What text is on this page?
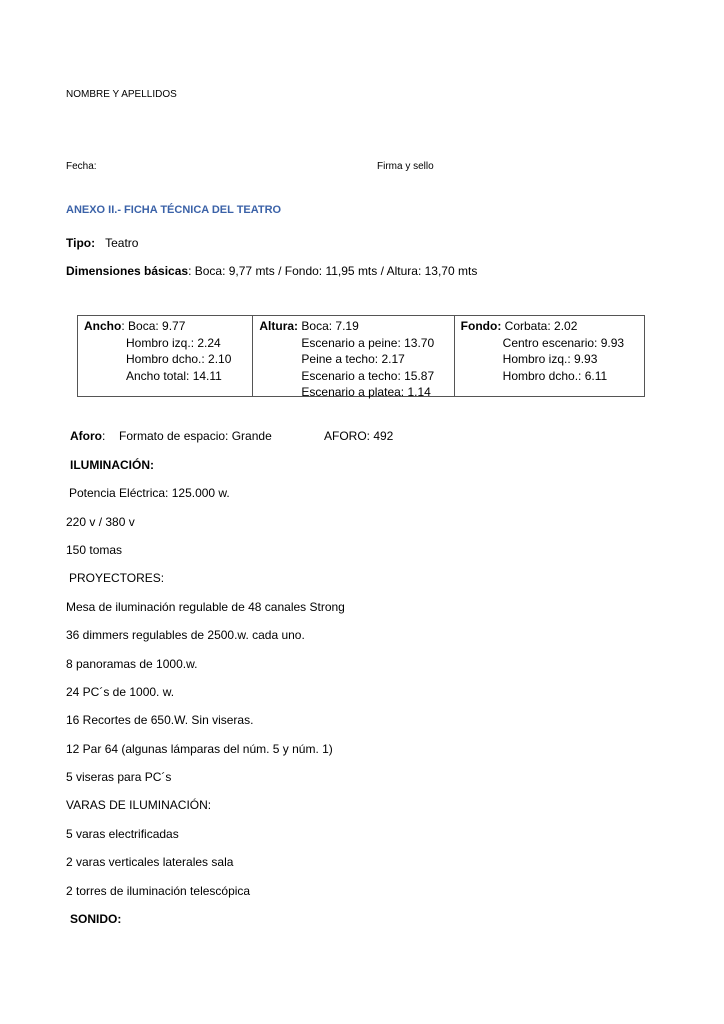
NOMBRE Y APELLIDOS
Fecha:	Firma y sello
ANEXO II.- FICHA TÉCNICA DEL TEATRO
Tipo: Teatro
Dimensiones básicas: Boca: 9,77 mts / Fondo: 11,95 mts / Altura: 13,70 mts
Ancho: Boca: 9.77
Hombro izq.: 2.24
Hombro dcho.: 2.10
Ancho total: 14.11
Altura: Boca: 7.19
Escenario a peine: 13.70
Peine a techo: 2.17
Escenario a techo: 15.87
Escenario a platea: 1.14
Fondo: Corbata: 2.02
Centro escenario: 9.93
Hombro izq.: 9.93
Hombro dcho.: 6.11
Aforo: Formato de espacio: Grande	AFORO: 492
ILUMINACIÓN:
Potencia Eléctrica: 125.000 w.
220 v / 380 v
150 tomas
PROYECTORES:
Mesa de iluminación regulable de 48 canales Strong
36 dimmers regulables de 2500.w. cada uno.
8 panoramas de 1000.w.
24 PC´s de 1000. w.
16 Recortes de 650.W. Sin viseras.
12 Par 64 (algunas lámparas del núm. 5 y núm. 1)
5 viseras para PC´s
VARAS DE ILUMINACIÓN:
5 varas electrificadas
2 varas verticales laterales sala
2 torres de iluminación telescópica
SONIDO:
